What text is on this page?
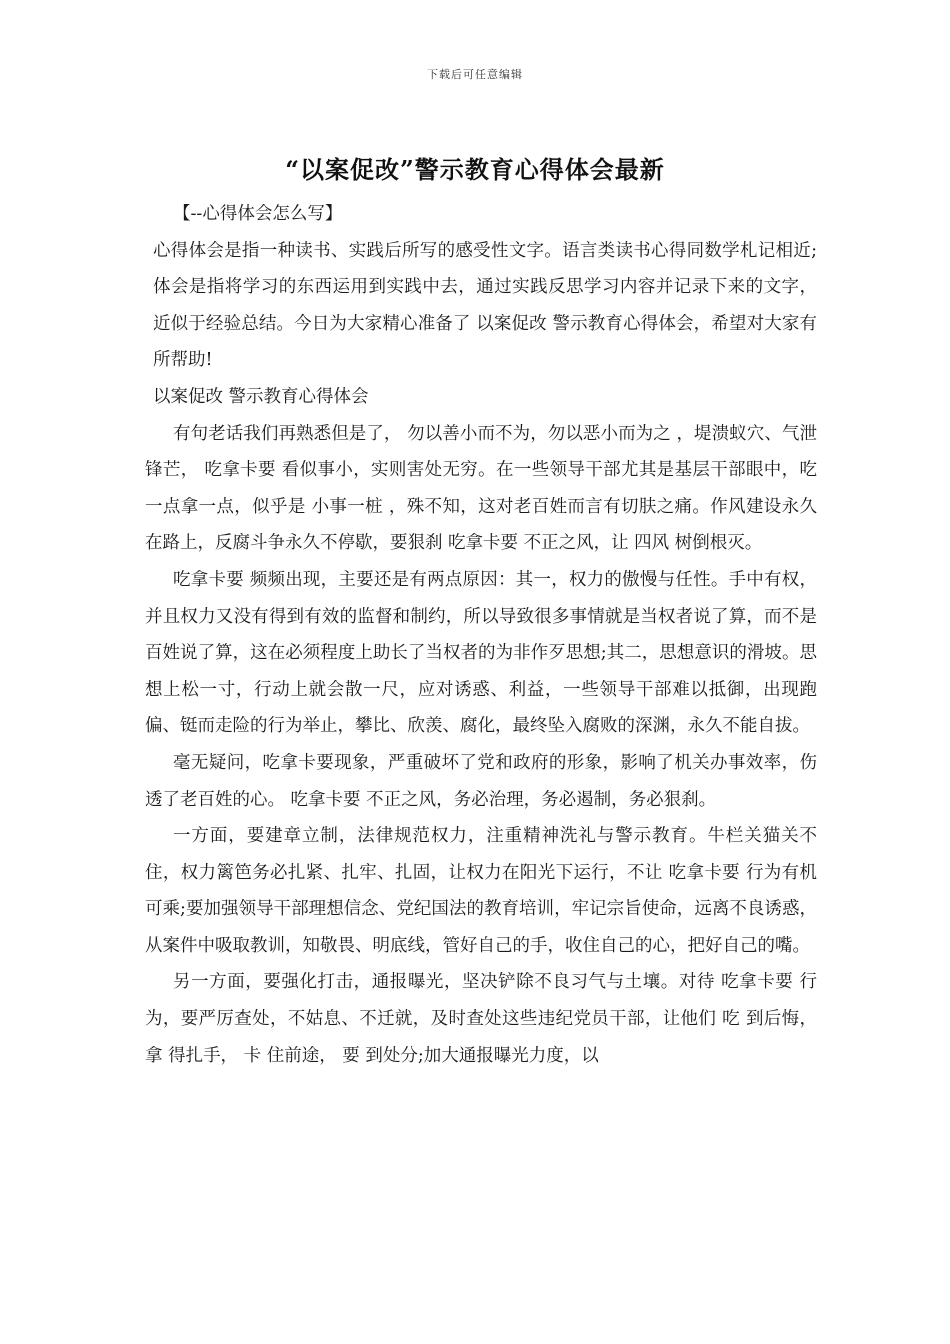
下载后可任意编辑
“以案促改”警示教育心得体会最新

【--心得体会怎么写】

心得体会是指一种读书、实践后所写的感受性文字。语言类读书心得同数学札记相近;体会是指将学习的东西运用到实践中去，通过实践反思学习内容并记录下来的文字，近似于经验总结。今日为大家精心准备了 以案促改 警示教育心得体会，希望对大家有所帮助!

以案促改 警示教育心得体会

有句老话我们再熟悉但是了， 勿以善小而不为，勿以恶小而为之 ，堤溃蚁穴、气泄锋芒， 吃拿卡要 看似事小，实则害处无穷。在一些领导干部尤其是基层干部眼中，吃一点拿一点，似乎是 小事一桩 ，殊不知，这对老百姓而言有切肤之痛。作风建设永久在路上，反腐斗争永久不停歇，要狠刹 吃拿卡要 不正之风，让 四风 树倒根灭。

吃拿卡要 频频出现，主要还是有两点原因：其一，权力的傲慢与任性。手中有权，并且权力又没有得到有效的监督和制约，所以导致很多事情就是当权者说了算，而不是百姓说了算，这在必须程度上助长了当权者的为非作歹思想;其二，思想意识的滑坡。思想上松一寸，行动上就会散一尺，应对诱惑、利益，一些领导干部难以抵御，出现跑偏、铤而走险的行为举止，攀比、欣羡、腐化，最终坠入腐败的深渊，永久不能自拔。

毫无疑问，吃拿卡要现象，严重破坏了党和政府的形象，影响了机关办事效率，伤透了老百姓的心。 吃拿卡要 不正之风，务必治理，务必遏制，务必狠刹。

一方面，要建章立制，法律规范权力，注重精神洗礼与警示教育。牛栏关猫关不住，权力篱笆务必扎紧、扎牢、扎固，让权力在阳光下运行，不让 吃拿卡要 行为有机可乘;要加强领导干部理想信念、党纪国法的教育培训，牢记宗旨使命，远离不良诱惑，从案件中吸取教训，知敬畏、明底线，管好自己的手，收住自己的心，把好自己的嘴。

另一方面，要强化打击，通报曝光，坚决铲除不良习气与土壤。对待 吃拿卡要 行为，要严厉查处，不姑息、不迁就，及时查处这些违纪党员干部，让他们 吃 到后悔， 拿 得扎手， 卡 住前途， 要 到处分;加大通报曝光力度，以
